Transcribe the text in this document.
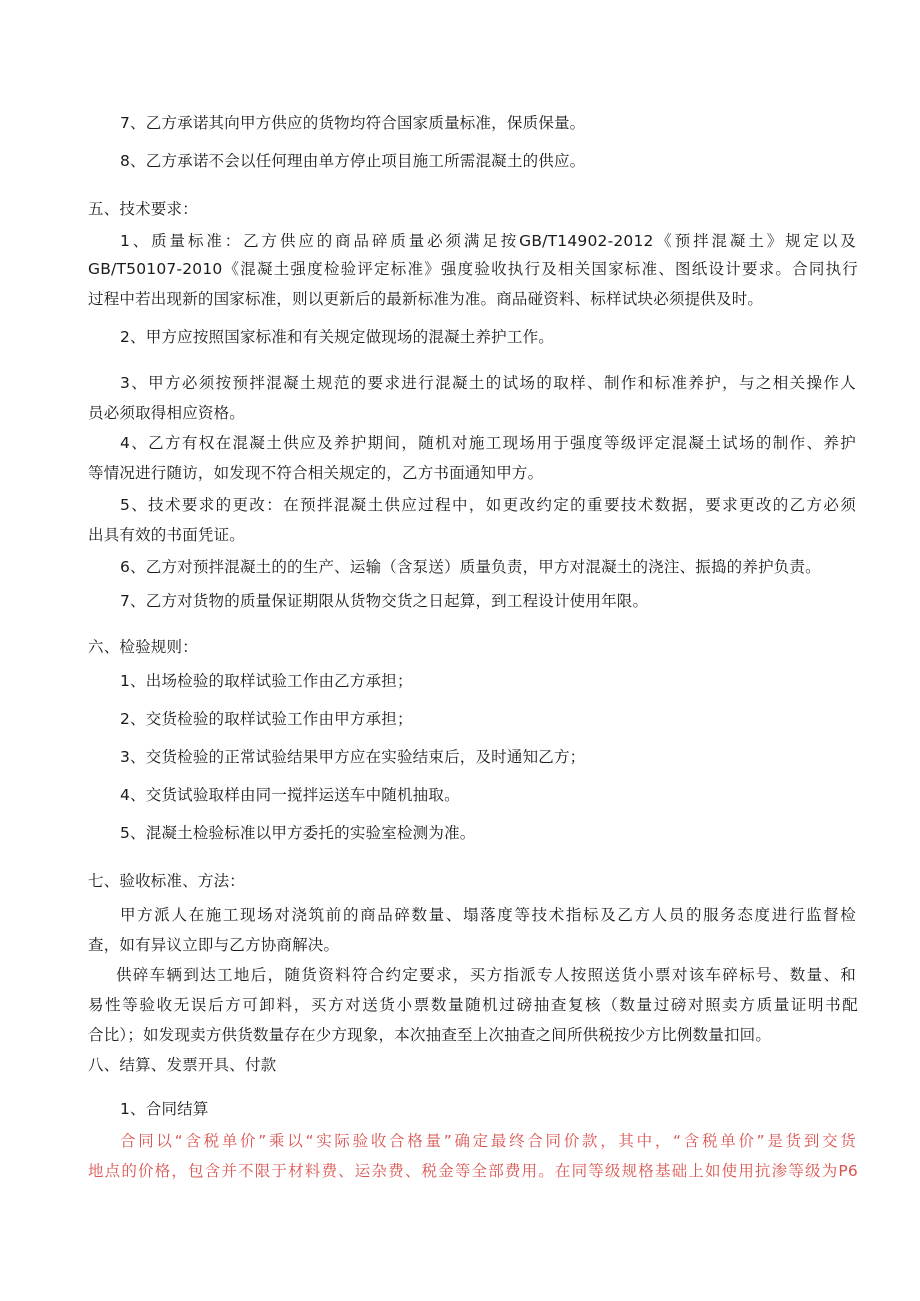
7、乙方承诺其向甲方供应的货物均符合国家质量标准，保质保量。
8、乙方承诺不会以任何理由单方停止项目施工所需混凝土的供应。
五、技术要求：
1、质量标准：乙方供应的商品碎质量必须满足按GB/T14902-2012《预拌混凝土》规定以及
GB/T50107-2010《混凝土强度检验评定标准》强度验收执行及相关国家标准、图纸设计要求。合同执行
过程中若出现新的国家标准，则以更新后的最新标准为准。商品碰资料、标样试块必须提供及时。
2、甲方应按照国家标准和有关规定做现场的混凝土养护工作。
3、甲方必须按预拌混凝土规范的要求进行混凝土的试场的取样、制作和标准养护，与之相关操作人
员必须取得相应资格。
4、乙方有权在混凝土供应及养护期间，随机对施工现场用于强度等级评定混凝土试场的制作、养护
等情况进行随访，如发现不符合相关规定的，乙方书面通知甲方。
5、技术要求的更改：在预拌混凝土供应过程中，如更改约定的重要技术数据，要求更改的乙方必须
出具有效的书面凭证。
6、乙方对预拌混凝土的的生产、运输（含泵送）质量负责，甲方对混凝土的浇注、振捣的养护负责。
7、乙方对货物的质量保证期限从货物交货之日起算，到工程设计使用年限。
六、检验规则：
1、出场检验的取样试验工作由乙方承担；
2、交货检验的取样试验工作由甲方承担；
3、交货检验的正常试验结果甲方应在实验结束后，及时通知乙方；
4、交货试验取样由同一搅拌运送车中随机抽取。
5、混凝土检验标准以甲方委托的实验室检测为准。
七、验收标准、方法：
甲方派人在施工现场对浇筑前的商品碎数量、塌落度等技术指标及乙方人员的服务态度进行监督检
查，如有异议立即与乙方协商解决。
供碎车辆到达工地后，随货资料符合约定要求，买方指派专人按照送货小票对该车碎标号、数量、和
易性等验收无误后方可卸料，买方对送货小票数量随机过磅抽查复核（数量过磅对照卖方质量证明书配
合比）；如发现卖方供货数量存在少方现象，本次抽查至上次抽查之间所供税按少方比例数量扣回。
八、结算、发票开具、付款
1、合同结算
合同以“含税单价”乘以“实际验收合格量”确定最终合同价款，其中，“含税单价”是货到交货
地点的价格，包含并不限于材料费、运杂费、税金等全部费用。在同等级规格基础上如使用抗渗等级为P6
